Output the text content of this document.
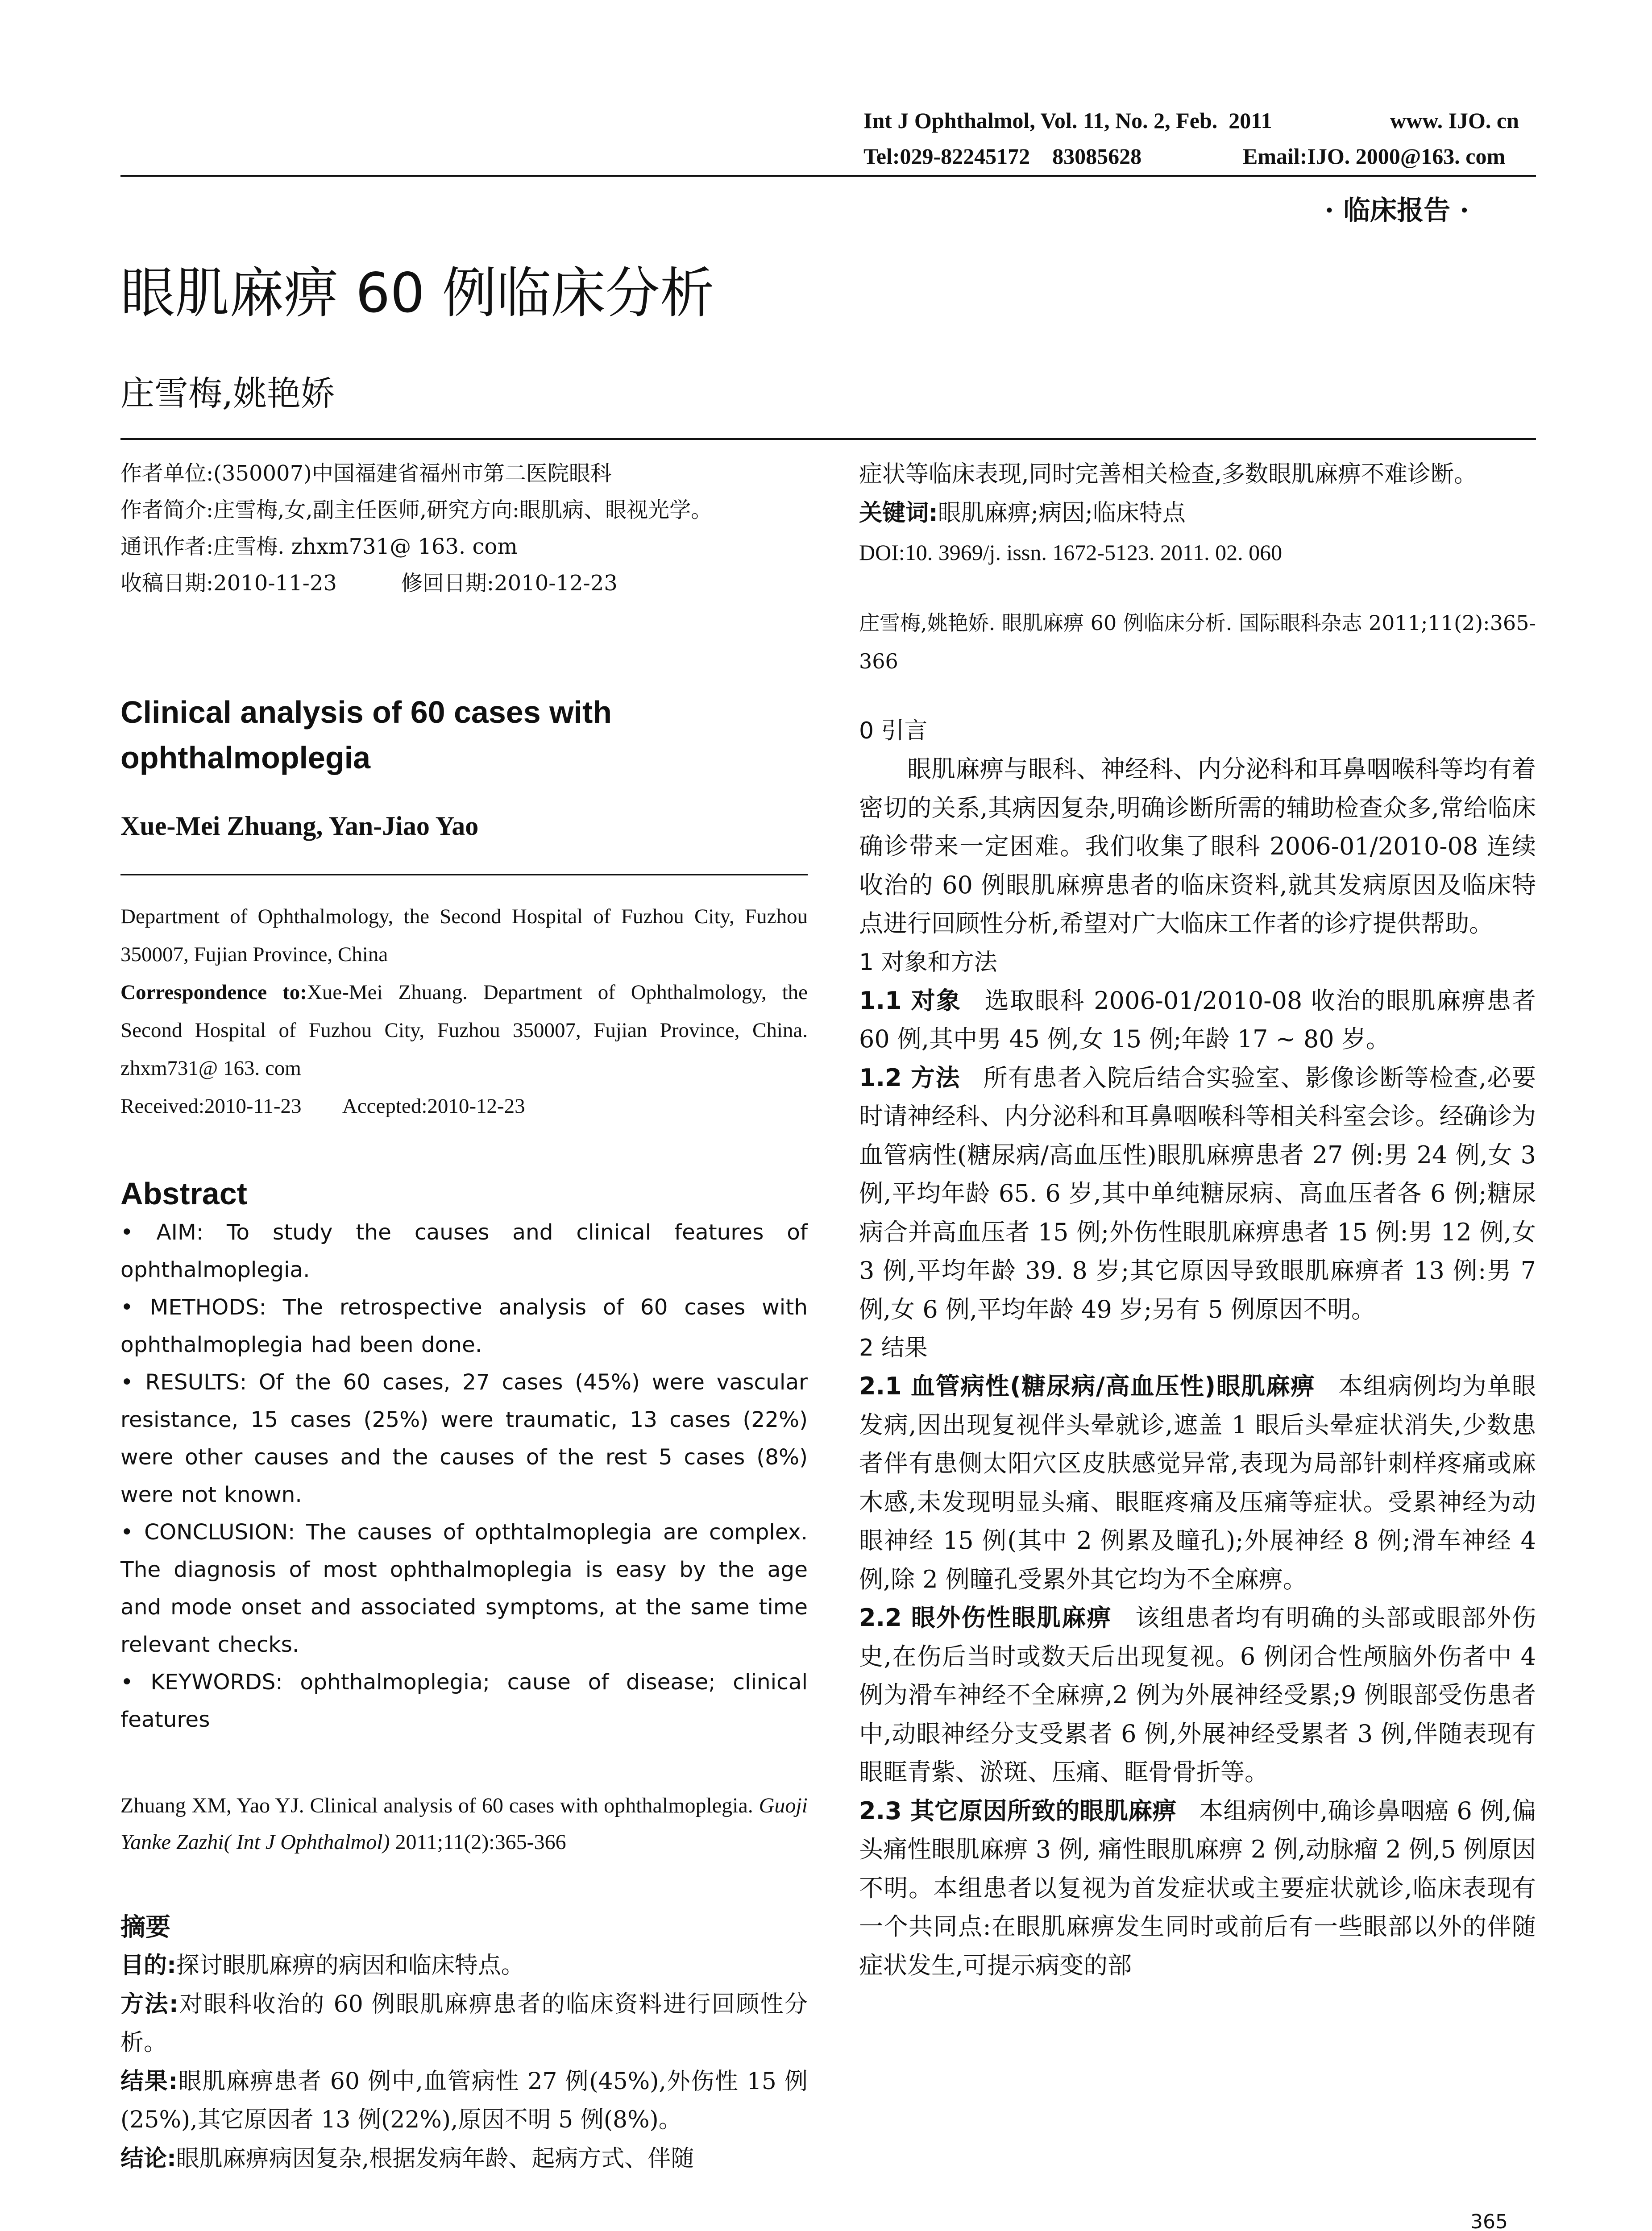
Int J Ophthalmol, Vol. 11, No. 2, Feb.  2011	www. IJO. cn
Tel:029-82245172    83085628	Email:IJO. 2000@163. com
· 临床报告 ·
眼肌麻痹 60 例临床分析
庄雪梅,姚艳娇
作者单位:(350007)中国福建省福州市第二医院眼科
作者简介:庄雪梅,女,副主任医师,研究方向:眼肌病、眼视光学。
通讯作者:庄雪梅. zhxm731@ 163. com
收稿日期:2010-11-23　　　修回日期:2010-12-23
Clinical analysis of 60 cases with ophthalmoplegia
Xue-Mei Zhuang, Yan-Jiao Yao
Department of Ophthalmology, the Second Hospital of Fuzhou City, Fuzhou 350007, Fujian Province, China
Correspondence to:Xue-Mei Zhuang. Department of Ophthalmology, the Second Hospital of Fuzhou City, Fuzhou 350007, Fujian Province, China. zhxm731@ 163. com
Received:2010-11-23        Accepted:2010-12-23
Abstract
• AIM: To study the causes and clinical features of ophthalmoplegia.
• METHODS: The retrospective analysis of 60 cases with ophthalmoplegia had been done.
• RESULTS: Of the 60 cases, 27 cases (45%) were vascular resistance, 15 cases (25%) were traumatic, 13 cases (22%) were other causes and the causes of the rest 5 cases (8%) were not known.
• CONCLUSION: The causes of opthtalmoplegia are complex. The diagnosis of most ophthalmoplegia is easy by the age and mode onset and associated symptoms, at the same time relevant checks.
• KEYWORDS: ophthalmoplegia; cause of disease; clinical features
Zhuang XM, Yao YJ. Clinical analysis of 60 cases with ophthalmoplegia. Guoji Yanke Zazhi( Int J Ophthalmol) 2011;11(2):365-366
摘要
目的:探讨眼肌麻痹的病因和临床特点。
方法:对眼科收治的 60 例眼肌麻痹患者的临床资料进行回顾性分析。
结果:眼肌麻痹患者 60 例中,血管病性 27 例(45%),外伤性 15 例(25%),其它原因者 13 例(22%),原因不明 5 例(8%)。
结论:眼肌麻痹病因复杂,根据发病年龄、起病方式、伴随
症状等临床表现,同时完善相关检查,多数眼肌麻痹不难诊断。
关键词:眼肌麻痹;病因;临床特点
DOI:10. 3969/j. issn. 1672-5123. 2011. 02. 060
庄雪梅,姚艳娇. 眼肌麻痹 60 例临床分析. 国际眼科杂志 2011;11(2):365-366
0 引言
眼肌麻痹与眼科、神经科、内分泌科和耳鼻咽喉科等均有着密切的关系,其病因复杂,明确诊断所需的辅助检查众多,常给临床确诊带来一定困难。我们收集了眼科 2006-01/2010-08 连续收治的 60 例眼肌麻痹患者的临床资料,就其发病原因及临床特点进行回顾性分析,希望对广大临床工作者的诊疗提供帮助。
1 对象和方法
1.1 对象 选取眼科 2006-01/2010-08 收治的眼肌麻痹患者 60 例,其中男 45 例,女 15 例;年龄 17 ~ 80 岁。
1.2 方法 所有患者入院后结合实验室、影像诊断等检查,必要时请神经科、内分泌科和耳鼻咽喉科等相关科室会诊。经确诊为血管病性(糖尿病/高血压性)眼肌麻痹患者 27 例:男 24 例,女 3 例,平均年龄 65. 6 岁,其中单纯糖尿病、高血压者各 6 例;糖尿病合并高血压者 15 例;外伤性眼肌麻痹患者 15 例:男 12 例,女 3 例,平均年龄 39. 8 岁;其它原因导致眼肌麻痹者 13 例:男 7 例,女 6 例,平均年龄 49 岁;另有 5 例原因不明。
2 结果
2.1 血管病性(糖尿病/高血压性)眼肌麻痹 本组病例均为单眼发病,因出现复视伴头晕就诊,遮盖 1 眼后头晕症状消失,少数患者伴有患侧太阳穴区皮肤感觉异常,表现为局部针刺样疼痛或麻木感,未发现明显头痛、眼眶疼痛及压痛等症状。受累神经为动眼神经 15 例(其中 2 例累及瞳孔);外展神经 8 例;滑车神经 4 例,除 2 例瞳孔受累外其它均为不全麻痹。
2.2 眼外伤性眼肌麻痹 该组患者均有明确的头部或眼部外伤史,在伤后当时或数天后出现复视。6 例闭合性颅脑外伤者中 4 例为滑车神经不全麻痹,2 例为外展神经受累;9 例眼部受伤患者中,动眼神经分支受累者 6 例,外展神经受累者 3 例,伴随表现有眼眶青紫、淤斑、压痛、眶骨骨折等。
2.3 其它原因所致的眼肌麻痹 本组病例中,确诊鼻咽癌 6 例,偏头痛性眼肌麻痹 3 例, 痛性眼肌麻痹 2 例,动脉瘤 2 例,5 例原因不明。本组患者以复视为首发症状或主要症状就诊,临床表现有一个共同点:在眼肌麻痹发生同时或前后有一些眼部以外的伴随症状发生,可提示病变的部
365
